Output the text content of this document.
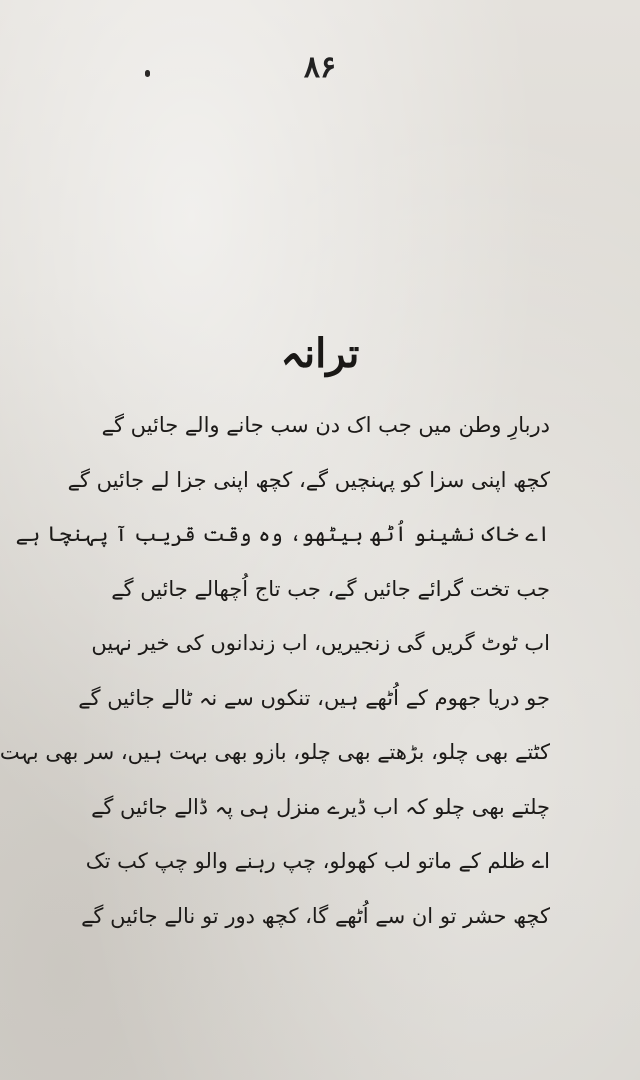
۸۶
ترانہ
دربارِ وطن میں جب اک دن سب جانے والے جائیں گے
کچھ اپنی سزا کو پہنچیں گے، کچھ اپنی جزا لے جائیں گے
اے خاک نشینو اُٹھ بیٹھو، وہ وقت قریب آ پہنچا ہے
جب تخت گرائے جائیں گے، جب تاج اُچھالے جائیں گے
اب ٹوٹ گریں گی زنجیریں، اب زندانوں کی خیر نہیں
جو دریا جھوم کے اُٹھے ہیں، تنکوں سے نہ ٹالے جائیں گے
کٹتے بھی چلو، بڑھتے بھی چلو، بازو بھی بہت ہیں، سر بھی بہت
چلتے بھی چلو کہ اب ڈیرے منزل ہی پہ ڈالے جائیں گے
اے ظلم کے ماتو لب کھولو، چپ رہنے والو چپ کب تک
کچھ حشر تو ان سے اُٹھے گا، کچھ دور تو نالے جائیں گے
